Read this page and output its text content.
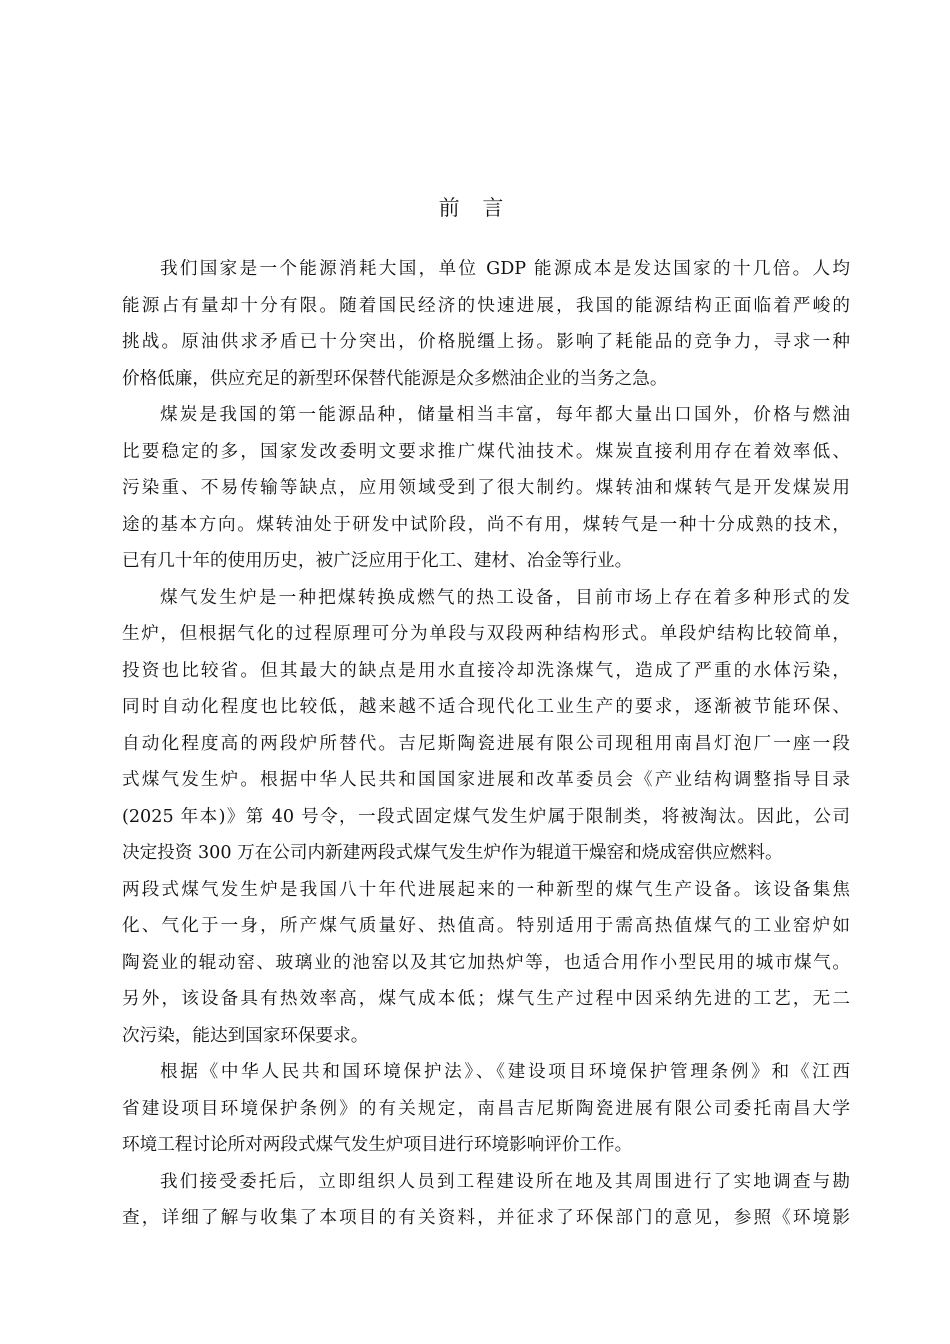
前 言
我们国家是一个能源消耗大国，单位 GDP 能源成本是发达国家的十几倍。人均
能源占有量却十分有限。随着国民经济的快速进展，我国的能源结构正面临着严峻的
挑战。原油供求矛盾已十分突出，价格脱缰上扬。影响了耗能品的竞争力，寻求一种
价格低廉，供应充足的新型环保替代能源是众多燃油企业的当务之急。
煤炭是我国的第一能源品种，储量相当丰富，每年都大量出口国外，价格与燃油
比要稳定的多，国家发改委明文要求推广煤代油技术。煤炭直接利用存在着效率低、
污染重、不易传输等缺点，应用领域受到了很大制约。煤转油和煤转气是开发煤炭用
途的基本方向。煤转油处于研发中试阶段，尚不有用，煤转气是一种十分成熟的技术，
已有几十年的使用历史，被广泛应用于化工、建材、冶金等行业。
煤气发生炉是一种把煤转换成燃气的热工设备，目前市场上存在着多种形式的发
生炉，但根据气化的过程原理可分为单段与双段两种结构形式。单段炉结构比较简单，
投资也比较省。但其最大的缺点是用水直接冷却洗涤煤气，造成了严重的水体污染，
同时自动化程度也比较低，越来越不适合现代化工业生产的要求，逐渐被节能环保、
自动化程度高的两段炉所替代。吉尼斯陶瓷进展有限公司现租用南昌灯泡厂一座一段
式煤气发生炉。根据中华人民共和国国家进展和改革委员会《产业结构调整指导目录
(2025 年本)》第 40 号令，一段式固定煤气发生炉属于限制类，将被淘汰。因此，公司
决定投资 300 万在公司内新建两段式煤气发生炉作为辊道干燥窑和烧成窑供应燃料。
两段式煤气发生炉是我国八十年代进展起来的一种新型的煤气生产设备。该设备集焦
化、气化于一身，所产煤气质量好、热值高。特别适用于需高热值煤气的工业窑炉如
陶瓷业的辊动窑、玻璃业的池窑以及其它加热炉等，也适合用作小型民用的城市煤气。
另外，该设备具有热效率高，煤气成本低；煤气生产过程中因采纳先进的工艺，无二
次污染，能达到国家环保要求。
根据《中华人民共和国环境保护法》、《建设项目环境保护管理条例》和《江西
省建设项目环境保护条例》的有关规定，南昌吉尼斯陶瓷进展有限公司委托南昌大学
环境工程讨论所对两段式煤气发生炉项目进行环境影响评价工作。
我们接受委托后，立即组织人员到工程建设所在地及其周围进行了实地调查与勘
查，详细了解与收集了本项目的有关资料，并征求了环保部门的意见，参照《环境影
